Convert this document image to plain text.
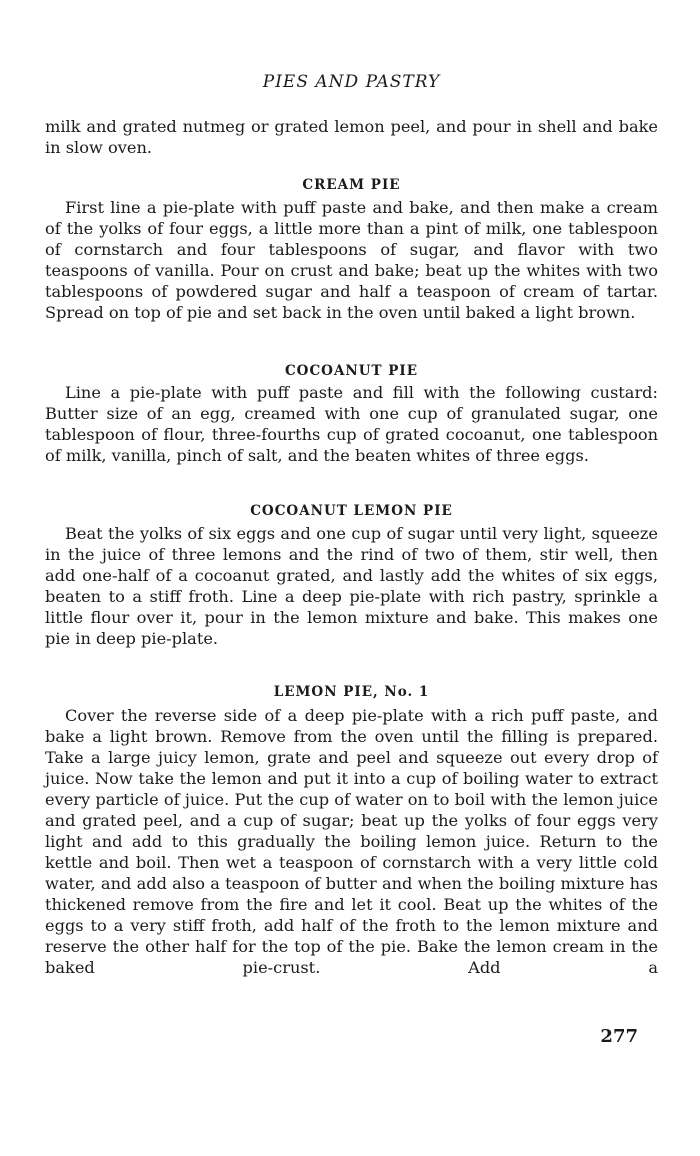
PIES AND PASTRY

milk and grated nutmeg or grated lemon peel, and pour in shell and bake in slow oven.

CREAM PIE

First line a pie-plate with puff paste and bake, and then make a cream of the yolks of four eggs, a little more than a pint of milk, one tablespoon of cornstarch and four tablespoons of sugar, and flavor with two teaspoons of vanilla. Pour on crust and bake; beat up the whites with two tablespoons of powdered sugar and half a teaspoon of cream of tartar. Spread on top of pie and set back in the oven until baked a light brown.

COCOANUT PIE

Line a pie-plate with puff paste and fill with the following custard: Butter size of an egg, creamed with one cup of granulated sugar, one tablespoon of flour, three-fourths cup of grated cocoanut, one tablespoon of milk, vanilla, pinch of salt, and the beaten whites of three eggs.

COCOANUT LEMON PIE

Beat the yolks of six eggs and one cup of sugar until very light, squeeze in the juice of three lemons and the rind of two of them, stir well, then add one-half of a cocoanut grated, and lastly add the whites of six eggs, beaten to a stiff froth. Line a deep pie-plate with rich pastry, sprinkle a little flour over it, pour in the lemon mixture and bake. This makes one pie in deep pie-plate.

LEMON PIE, No. 1

Cover the reverse side of a deep pie-plate with a rich puff paste, and bake a light brown. Remove from the oven until the filling is prepared. Take a large juicy lemon, grate and peel and squeeze out every drop of juice. Now take the lemon and put it into a cup of boiling water to extract every particle of juice. Put the cup of water on to boil with the lemon juice and grated peel, and a cup of sugar; beat up the yolks of four eggs very light and add to this gradually the boiling lemon juice. Return to the kettle and boil. Then wet a teaspoon of cornstarch with a very little cold water, and add also a teaspoon of butter and when the boiling mixture has thickened remove from the fire and let it cool. Beat up the whites of the eggs to a very stiff froth, add half of the froth to the lemon mixture and reserve the other half for the top of the pie. Bake the lemon cream in the baked pie-crust. Add a

277
